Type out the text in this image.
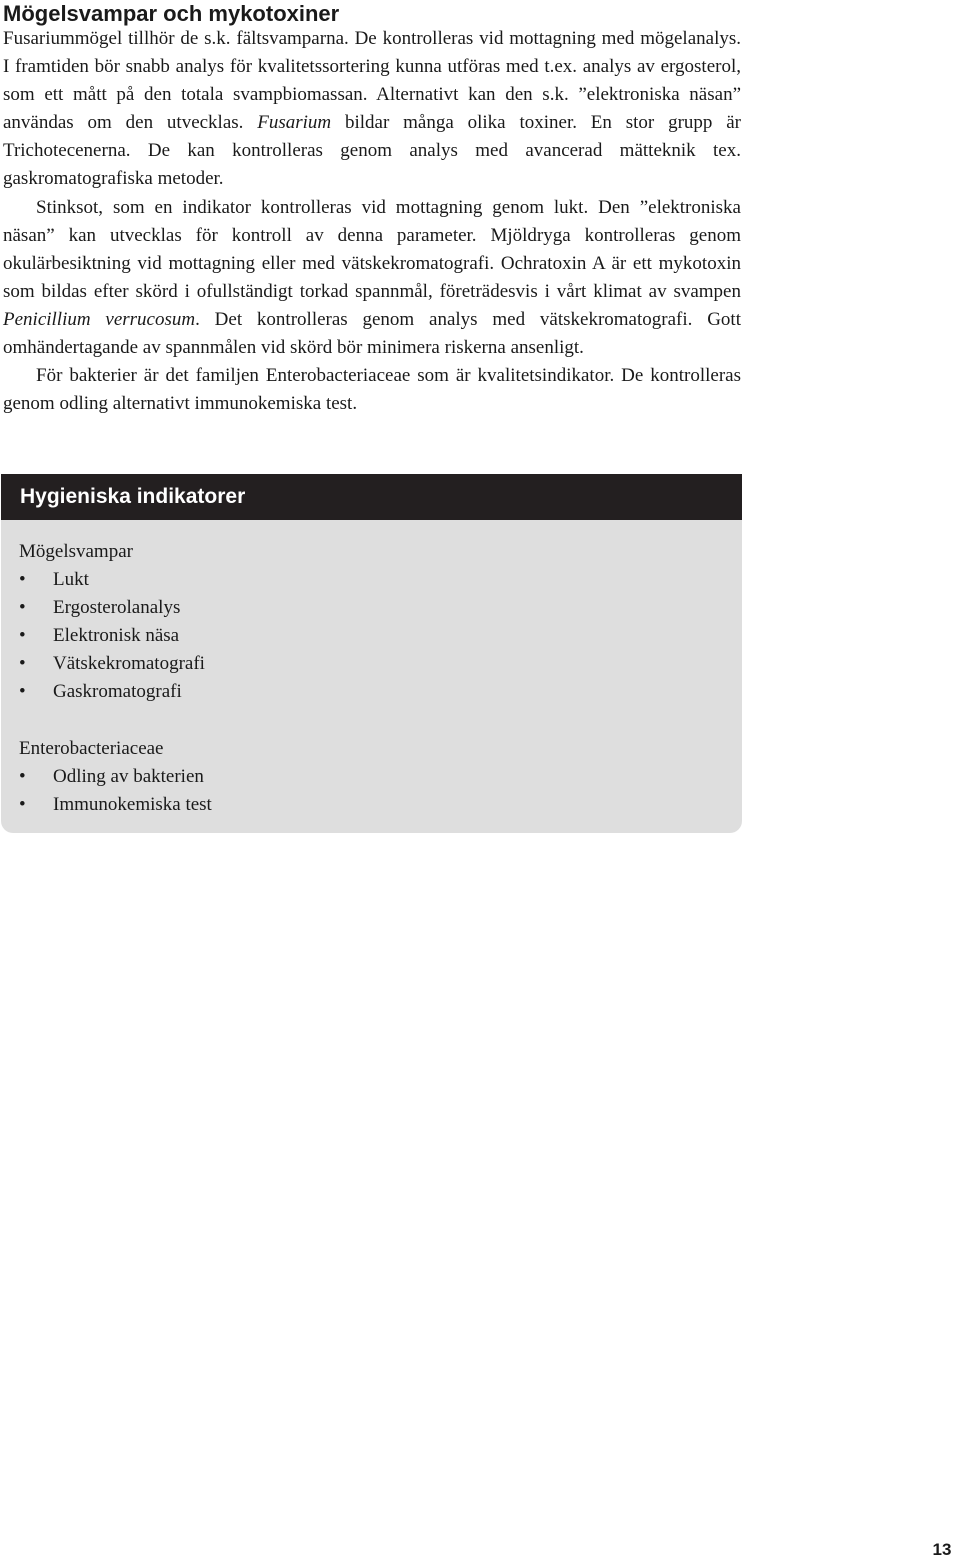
Mögelsvampar och mykotoxiner

Fusariummögel tillhör de s.k. fältsvamparna. De kontrolleras vid mottagning med mögelanalys. I framtiden bör snabb analys för kvalitetssortering kunna utföras med t.ex. analys av ergosterol, som ett mått på den totala svampbiomassan. Alternativt kan den s.k. ”elektroniska näsan” användas om den utvecklas. Fusarium bildar många olika toxiner. En stor grupp är Trichotecenerna. De kan kontrolleras genom analys med avancerad mätteknik tex. gaskromatografiska metoder.

Stinksot, som en indikator kontrolleras vid mottagning genom lukt. Den ”elektroniska näsan” kan utvecklas för kontroll av denna parameter. Mjöldryga kontrolleras genom okulärbesiktning vid mottagning eller med vätskekromatografi. Ochratoxin A är ett mykotoxin som bildas efter skörd i ofullständigt torkad spannmål, företrädesvis i vårt klimat av svampen Penicillium verrucosum. Det kontrolleras genom analys med vätskekromatografi. Gott omhändertagande av spannmålen vid skörd bör minimera riskerna ansenligt.

För bakterier är det familjen Enterobacteriaceae som är kvalitetsindikator. De kontrolleras genom odling alternativt immunokemiska test.

Hygieniska indikatorer

Mögelsvampar

• Lukt
• Ergosterolanalys
• Elektronisk näsa
• Vätskekromatografi
• Gaskromatografi

Enterobacteriaceae

• Odling av bakterien
• Immunokemiska test
13
